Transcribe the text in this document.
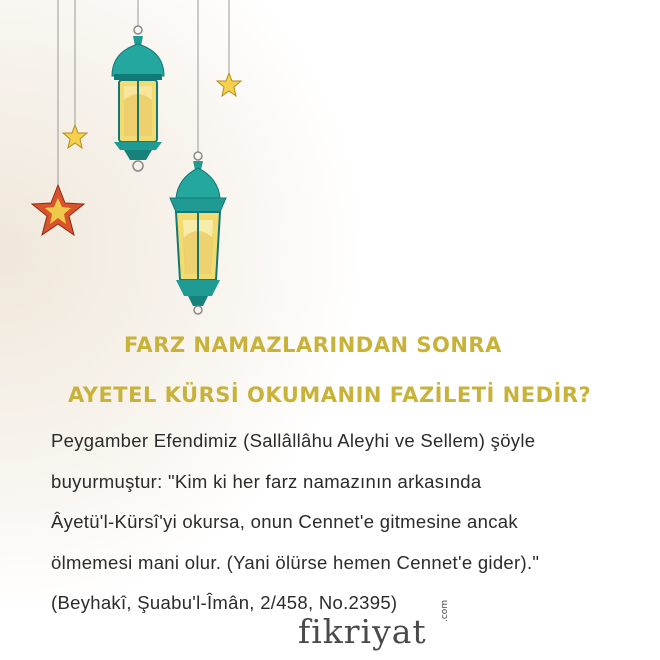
FARZ NAMAZLARINDAN SONRA
AYETEL KÜRSİ OKUMANIN FAZİLETİ NEDİR?

Peygamber Efendimiz (Sallâllâhu Aleyhi ve Sellem) şöyle
buyurmuştur: "Kim ki her farz namazının arkasında
Âyetü'l-Kürsî'yi okursa, onun Cennet'e gitmesine ancak
ölmemesi mani olur. (Yani ölürse hemen Cennet'e gider)."
(Beyhakî, Şuabu'l-Îmân, 2/458, No.2395)

fikriyat
.com
